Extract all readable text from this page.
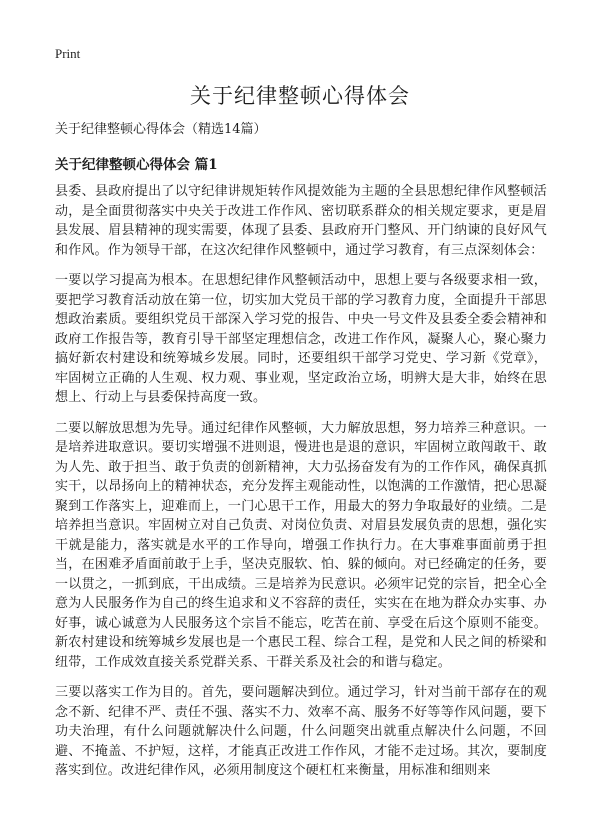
Print
关于纪律整顿心得体会

关于纪律整顿心得体会（精选14篇）

关于纪律整顿心得体会 篇1

县委、县政府提出了以守纪律讲规矩转作风提效能为主题的全县思想纪律作风整顿活动，是全面贯彻落实中央关于改进工作作风、密切联系群众的相关规定要求，更是眉县发展、眉县精神的现实需要，体现了县委、县政府开门整风、开门纳谏的良好风气和作风。作为领导干部，在这次纪律作风整顿中，通过学习教育，有三点深刻体会：

一要以学习提高为根本。在思想纪律作风整顿活动中，思想上要与各级要求相一致，要把学习教育活动放在第一位，切实加大党员干部的学习教育力度，全面提升干部思想政治素质。要组织党员干部深入学习党的报告、中央一号文件及县委全委会精神和政府工作报告等，教育引导干部坚定理想信念，改进工作作风，凝聚人心，聚心聚力搞好新农村建设和统筹城乡发展。同时，还要组织干部学习党史、学习新《党章》，牢固树立正确的人生观、权力观、事业观，坚定政治立场，明辨大是大非，始终在思想上、行动上与县委保持高度一致。

二要以解放思想为先导。通过纪律作风整顿，大力解放思想，努力培养三种意识。一是培养进取意识。要切实增强不进则退，慢进也是退的意识，牢固树立敢闯敢干、敢为人先、敢于担当、敢于负责的创新精神，大力弘扬奋发有为的工作作风，确保真抓实干，以昂扬向上的精神状态，充分发挥主观能动性，以饱满的工作激情，把心思凝聚到工作落实上，迎难而上，一门心思干工作，用最大的努力争取最好的业绩。二是培养担当意识。牢固树立对自己负责、对岗位负责、对眉县发展负责的思想，强化实干就是能力，落实就是水平的工作导向，增强工作执行力。在大事难事面前勇于担当，在困难矛盾面前敢于上手，坚决克服软、怕、躲的倾向。对已经确定的任务，要一以贯之，一抓到底，干出成绩。三是培养为民意识。必须牢记党的宗旨，把全心全意为人民服务作为自己的终生追求和义不容辞的责任，实实在在地为群众办实事、办好事，诚心诚意为人民服务这个宗旨不能忘，吃苦在前、享受在后这个原则不能变。新农村建设和统筹城乡发展也是一个惠民工程、综合工程，是党和人民之间的桥梁和纽带，工作成效直接关系党群关系、干群关系及社会的和谐与稳定。

三要以落实工作为目的。首先，要问题解决到位。通过学习，针对当前干部存在的观念不新、纪律不严、责任不强、落实不力、效率不高、服务不好等等作风问题，要下功夫治理，有什么问题就解决什么问题，什么问题突出就重点解决什么问题，不回避、不掩盖、不护短，这样，才能真正改进工作作风，才能不走过场。其次，要制度落实到位。改进纪律作风，必须用制度这个硬杠杠来衡量，用标准和细则来
